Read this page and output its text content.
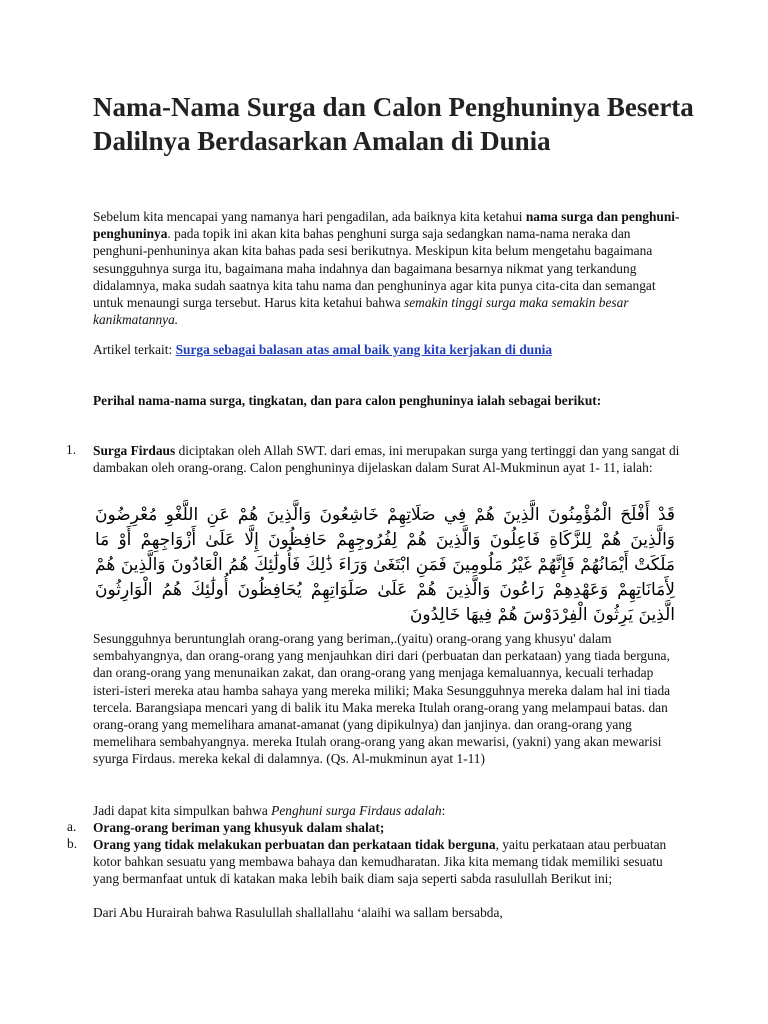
Nama-Nama Surga dan Calon Penghuninya Beserta Dalilnya Berdasarkan Amalan di Dunia
Sebelum kita mencapai yang namanya hari pengadilan, ada baiknya kita ketahui nama surga dan penghuni-penghuninya. pada topik ini akan kita bahas penghuni surga saja sedangkan nama-nama neraka dan penghuni-penhuninya akan kita bahas pada sesi berikutnya. Meskipun kita belum mengetahu bagaimana sesungguhnya surga itu, bagaimana maha indahnya dan bagaimana besarnya nikmat yang terkandung didalamnya, maka sudah saatnya kita tahu nama dan penghuninya agar kita punya cita-cita dan semangat untuk menaungi surga tersebut. Harus kita ketahui bahwa semakin tinggi surga maka semakin besar kanikmatannya.
Artikel terkait: Surga sebagai balasan atas amal baik yang kita kerjakan di dunia
Perihal nama-nama surga, tingkatan, dan para calon penghuninya ialah sebagai berikut:
1. Surga Firdaus diciptakan oleh Allah SWT. dari emas, ini merupakan surga yang tertinggi dan yang sangat di dambakan oleh orang-orang. Calon penghuninya dijelaskan dalam Surat Al-Mukminun ayat 1- 11, ialah:
قَدْ أَفْلَحَ الْمُؤْمِنُونَ الَّذِينَ هُمْ فِي صَلَاتِهِمْ خَاشِعُونَ وَالَّذِينَ هُمْ عَنِ اللَّغْوِ مُعْرِضُونَ وَالَّذِينَ هُمْ لِلزَّكَاةِ فَاعِلُونَ وَالَّذِينَ هُمْ لِفُرُوجِهِمْ حَافِظُونَ إِلَّا عَلَىٰ أَزْوَاجِهِمْ أَوْ مَا مَلَكَتْ أَيْمَانُهُمْ فَإِنَّهُمْ غَيْرُ مَلُومِينَ فَمَنِ ابْتَغَىٰ وَرَاءَ ذَٰلِكَ فَأُولَٰئِكَ هُمُ الْعَادُونَ وَالَّذِينَ هُمْ لِأَمَانَاتِهِمْ وَعَهْدِهِمْ رَاعُونَ وَالَّذِينَ هُمْ عَلَىٰ صَلَوَاتِهِمْ يُحَافِظُونَ أُولَٰئِكَ هُمُ الْوَارِثُونَ الَّذِينَ يَرِثُونَ الْفِرْدَوْسَ هُمْ فِيهَا خَالِدُونَ
Sesungguhnya beruntunglah orang-orang yang beriman,.(yaitu) orang-orang yang khusyu' dalam sembahyangnya, dan orang-orang yang menjauhkan diri dari (perbuatan dan perkataan) yang tiada berguna, dan orang-orang yang menunaikan zakat, dan orang-orang yang menjaga kemaluannya, kecuali terhadap isteri-isteri mereka atau hamba sahaya yang mereka miliki; Maka Sesungguhnya mereka dalam hal ini tiada tercela. Barangsiapa mencari yang di balik itu Maka mereka Itulah orang-orang yang melampaui batas. dan orang-orang yang memelihara amanat-amanat (yang dipikulnya) dan janjinya. dan orang-orang yang memelihara sembahyangnya. mereka Itulah orang-orang yang akan mewarisi, (yakni) yang akan mewarisi syurga Firdaus. mereka kekal di dalamnya. (Qs. Al-mukminun ayat 1-11)
Jadi dapat kita simpulkan bahwa Penghuni surga Firdaus adalah:
a. Orang-orang beriman yang khusyuk dalam shalat;
b. Orang yang tidak melakukan perbuatan dan perkataan tidak berguna, yaitu perkataan atau perbuatan kotor bahkan sesuatu yang membawa bahaya dan kemudharatan. Jika kita memang tidak memiliki sesuatu yang bermanfaat untuk di katakan maka lebih baik diam saja seperti sabda rasulullah Berikut ini;
Dari Abu Hurairah bahwa Rasulullah shallallahu ‘alaihi wa sallam bersabda,
